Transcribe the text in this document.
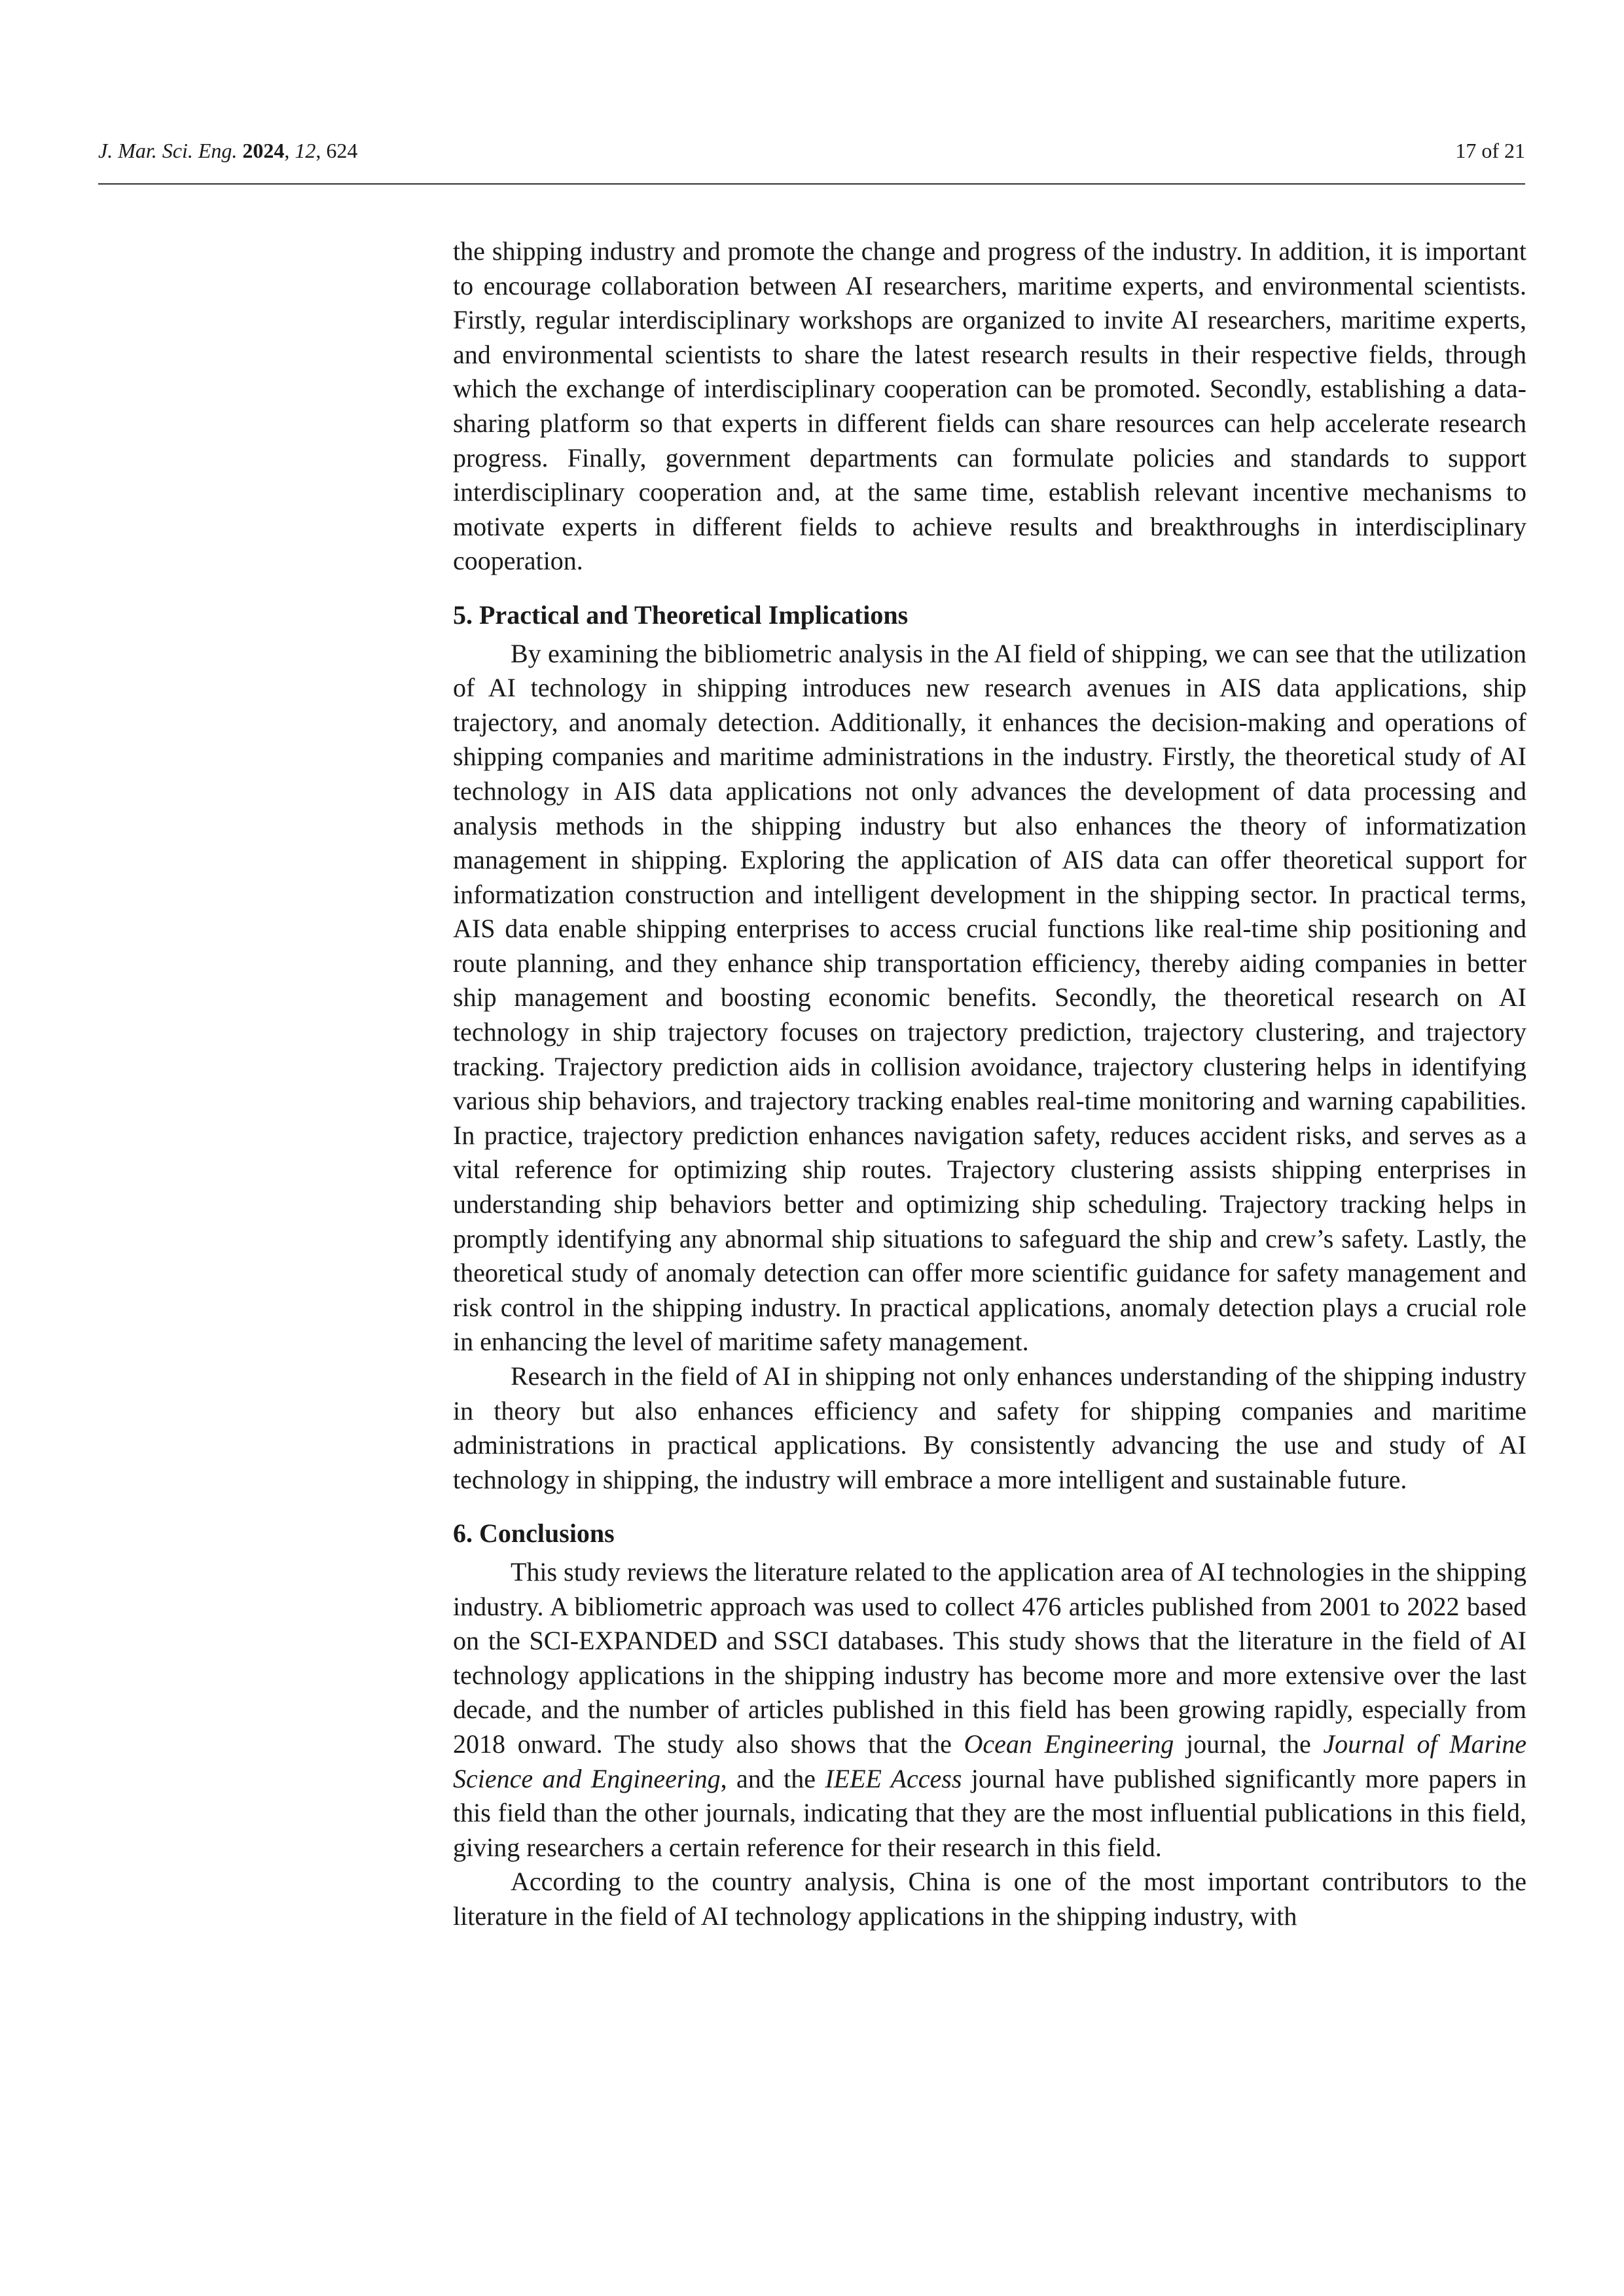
J. Mar. Sci. Eng. 2024, 12, 624	17 of 21

the shipping industry and promote the change and progress of the industry. In addition, it is important to encourage collaboration between AI researchers, maritime experts, and environmental scientists. Firstly, regular interdisciplinary workshops are organized to invite AI researchers, maritime experts, and environmental scientists to share the latest research results in their respective fields, through which the exchange of interdisciplinary cooperation can be promoted. Secondly, establishing a data-sharing platform so that experts in different fields can share resources can help accelerate research progress. Finally, government departments can formulate policies and standards to support interdisciplinary cooperation and, at the same time, establish relevant incentive mechanisms to motivate experts in different fields to achieve results and breakthroughs in interdisciplinary cooperation.

5. Practical and Theoretical Implications

By examining the bibliometric analysis in the AI field of shipping, we can see that the utilization of AI technology in shipping introduces new research avenues in AIS data applications, ship trajectory, and anomaly detection. Additionally, it enhances the decision-making and operations of shipping companies and maritime administrations in the industry. Firstly, the theoretical study of AI technology in AIS data applications not only advances the development of data processing and analysis methods in the shipping industry but also enhances the theory of informatization management in shipping. Exploring the application of AIS data can offer theoretical support for informatization construction and intelligent development in the shipping sector. In practical terms, AIS data enable shipping enterprises to access crucial functions like real-time ship positioning and route planning, and they enhance ship transportation efficiency, thereby aiding companies in better ship management and boosting economic benefits. Secondly, the theoretical research on AI technology in ship trajectory focuses on trajectory prediction, trajectory clustering, and trajectory tracking. Trajectory prediction aids in collision avoidance, trajectory clustering helps in identifying various ship behaviors, and trajectory tracking enables real-time monitoring and warning capabilities. In practice, trajectory prediction enhances navigation safety, reduces accident risks, and serves as a vital reference for optimizing ship routes. Trajectory clustering assists shipping enterprises in understanding ship behaviors better and optimizing ship scheduling. Trajectory tracking helps in promptly identifying any abnormal ship situations to safeguard the ship and crew’s safety. Lastly, the theoretical study of anomaly detection can offer more scientific guidance for safety management and risk control in the shipping industry. In practical applications, anomaly detection plays a crucial role in enhancing the level of maritime safety management.

Research in the field of AI in shipping not only enhances understanding of the shipping industry in theory but also enhances efficiency and safety for shipping companies and maritime administrations in practical applications. By consistently advancing the use and study of AI technology in shipping, the industry will embrace a more intelligent and sustainable future.

6. Conclusions

This study reviews the literature related to the application area of AI technologies in the shipping industry. A bibliometric approach was used to collect 476 articles published from 2001 to 2022 based on the SCI-EXPANDED and SSCI databases. This study shows that the literature in the field of AI technology applications in the shipping industry has become more and more extensive over the last decade, and the number of articles published in this field has been growing rapidly, especially from 2018 onward. The study also shows that the Ocean Engineering journal, the Journal of Marine Science and Engineering, and the IEEE Access journal have published significantly more papers in this field than the other journals, indicating that they are the most influential publications in this field, giving researchers a certain reference for their research in this field.

According to the country analysis, China is one of the most important contributors to the literature in the field of AI technology applications in the shipping industry, with
